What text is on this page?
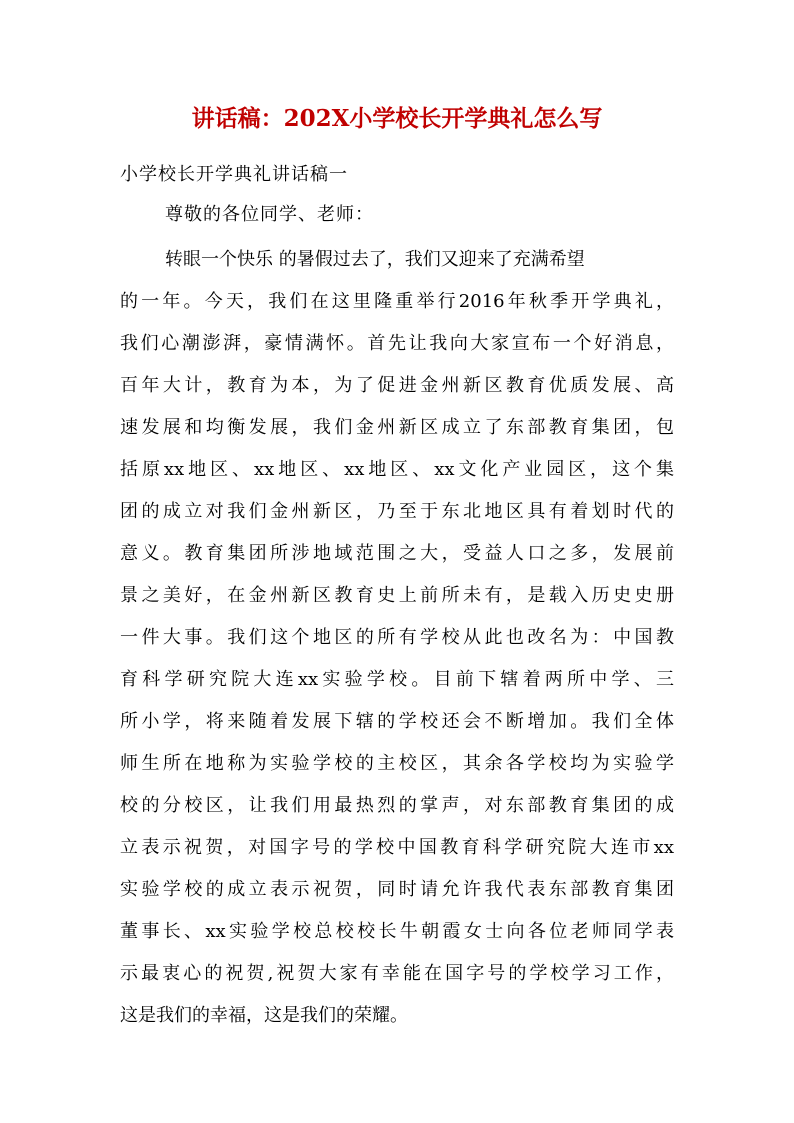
讲话稿：202X小学校长开学典礼怎么写
小学校长开学典礼讲话稿一
尊敬的各位同学、老师：
转眼一个快乐 的暑假过去了，我们又迎来了充满希望
的一年。今天，我们在这里隆重举行2016年秋季开学典礼，
我们心潮澎湃，豪情满怀。首先让我向大家宣布一个好消息，
百年大计，教育为本，为了促进金州新区教育优质发展、高
速发展和均衡发展，我们金州新区成立了东部教育集团，包
括原xx地区、xx地区、xx地区、xx文化产业园区，这个集
团的成立对我们金州新区，乃至于东北地区具有着划时代的
意义。教育集团所涉地域范围之大，受益人口之多，发展前
景之美好，在金州新区教育史上前所未有，是载入历史史册
一件大事。我们这个地区的所有学校从此也改名为：中国教
育科学研究院大连xx实验学校。目前下辖着两所中学、三
所小学，将来随着发展下辖的学校还会不断增加。我们全体
师生所在地称为实验学校的主校区，其余各学校均为实验学
校的分校区，让我们用最热烈的掌声，对东部教育集团的成
立表示祝贺，对国字号的学校中国教育科学研究院大连市xx
实验学校的成立表示祝贺，同时请允许我代表东部教育集团
董事长、xx实验学校总校校长牛朝霞女士向各位老师同学表
示最衷心的祝贺,祝贺大家有幸能在国字号的学校学习工作，
这是我们的幸福，这是我们的荣耀。
